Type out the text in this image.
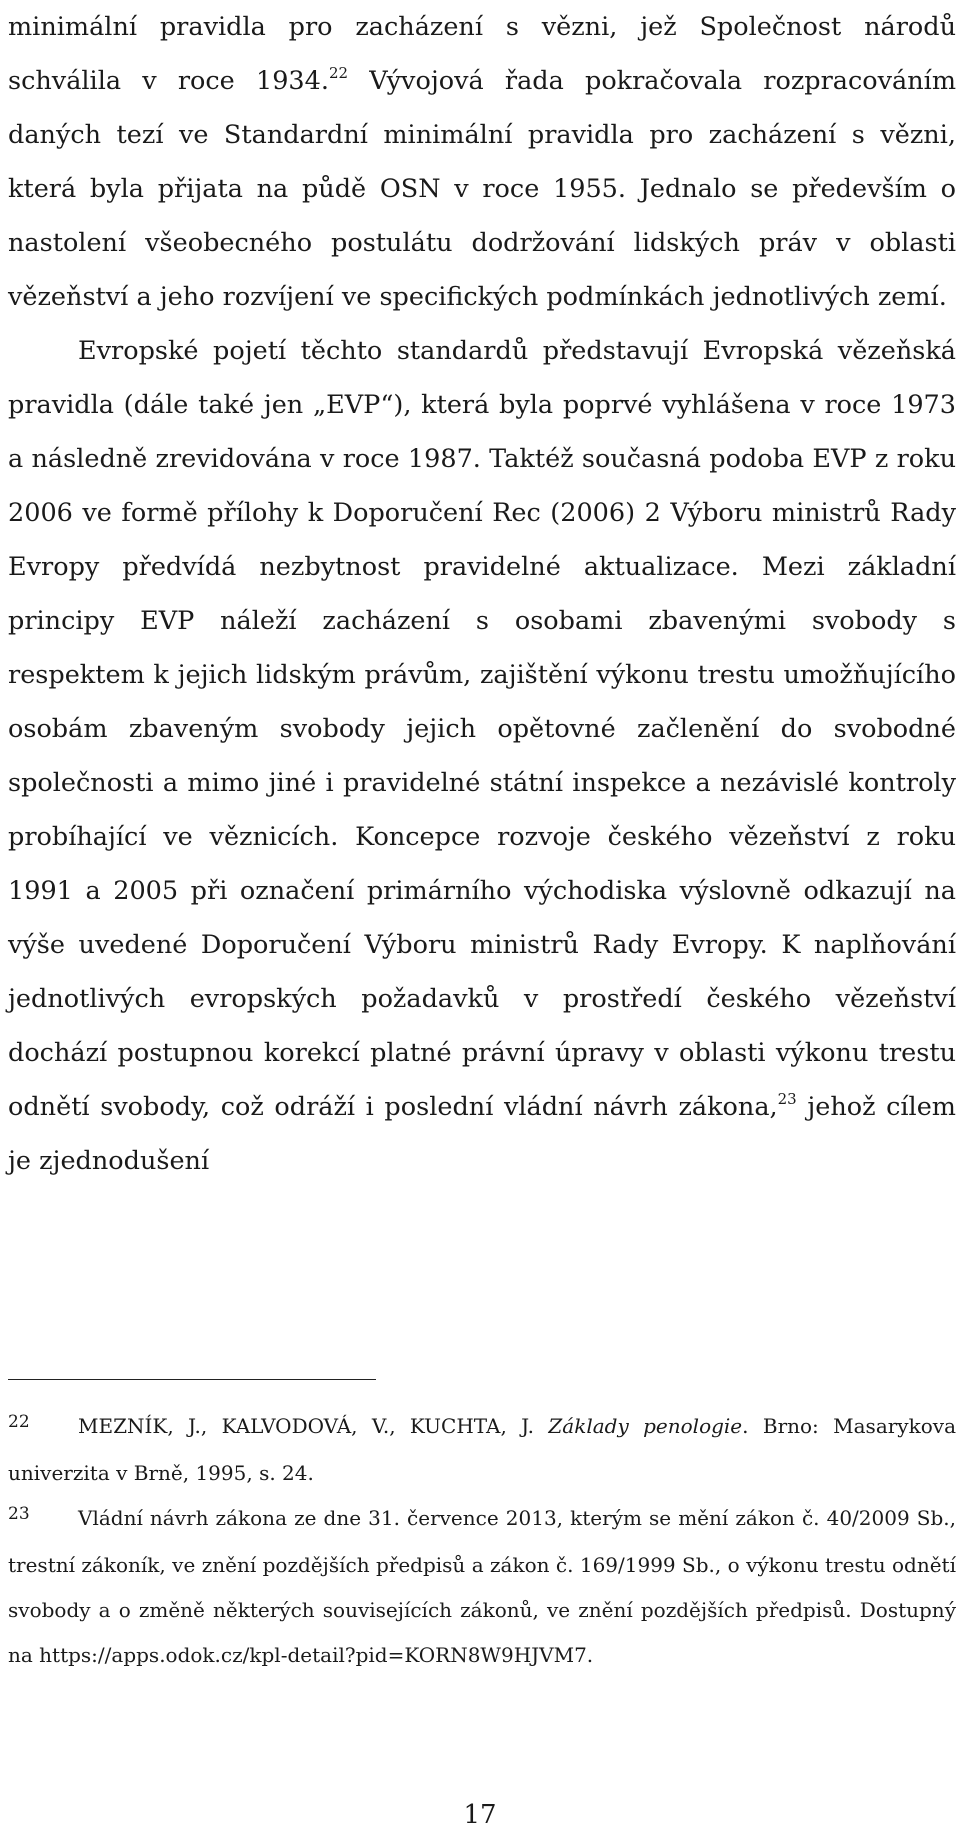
minimální pravidla pro zacházení s vězni, jež Společnost národů schválila v roce 1934.22 Vývojová řada pokračovala rozpracováním daných tezí ve Standardní minimální pravidla pro zacházení s vězni, která byla přijata na půdě OSN v roce 1955. Jednalo se především o nastolení všeobecného postulátu dodržování lidských práv v oblasti vězeňství a jeho rozvíjení ve specifických podmínkách jednotlivých zemí.

Evropské pojetí těchto standardů představují Evropská vězeňská pravidla (dále také jen „EVP“), která byla poprvé vyhlášena v roce 1973 a následně zrevidována v roce 1987. Taktéž současná podoba EVP z roku 2006 ve formě přílohy k Doporučení Rec (2006) 2 Výboru ministrů Rady Evropy předvídá nezbytnost pravidelné aktualizace. Mezi základní principy EVP náleží zacházení s osobami zbavenými svobody s respektem k jejich lidským právům, zajištění výkonu trestu umožňujícího osobám zbaveným svobody jejich opětovné začlenění do svobodné společnosti a mimo jiné i pravidelné státní inspekce a nezávislé kontroly probíhající ve věznicích. Koncepce rozvoje českého vězeňství z roku 1991 a 2005 při označení primárního východiska výslovně odkazují na výše uvedené Doporučení Výboru ministrů Rady Evropy. K naplňování jednotlivých evropských požadavků v prostředí českého vězeňství dochází postupnou korekcí platné právní úpravy v oblasti výkonu trestu odnětí svobody, což odráží i poslední vládní návrh zákona,$^{23}$ jehož cílem je zjednodušení

22 MEZNÍK, J., KALVODOVÁ, V., KUCHTA, J. Základy penologie. Brno: Masarykova univerzita v Brně, 1995, s. 24.

23 Vládní návrh zákona ze dne 31. července 2013, kterým se mění zákon č. 40/2009 Sb., trestní zákoník, ve znění pozdějších předpisů a zákon č. 169/1999 Sb., o výkonu trestu odnětí svobody a o změně některých souvisejících zákonů, ve znění pozdějších předpisů. Dostupný na https://apps.odok.cz/kpl-detail?pid=KORN8W9HJVM7.

17
